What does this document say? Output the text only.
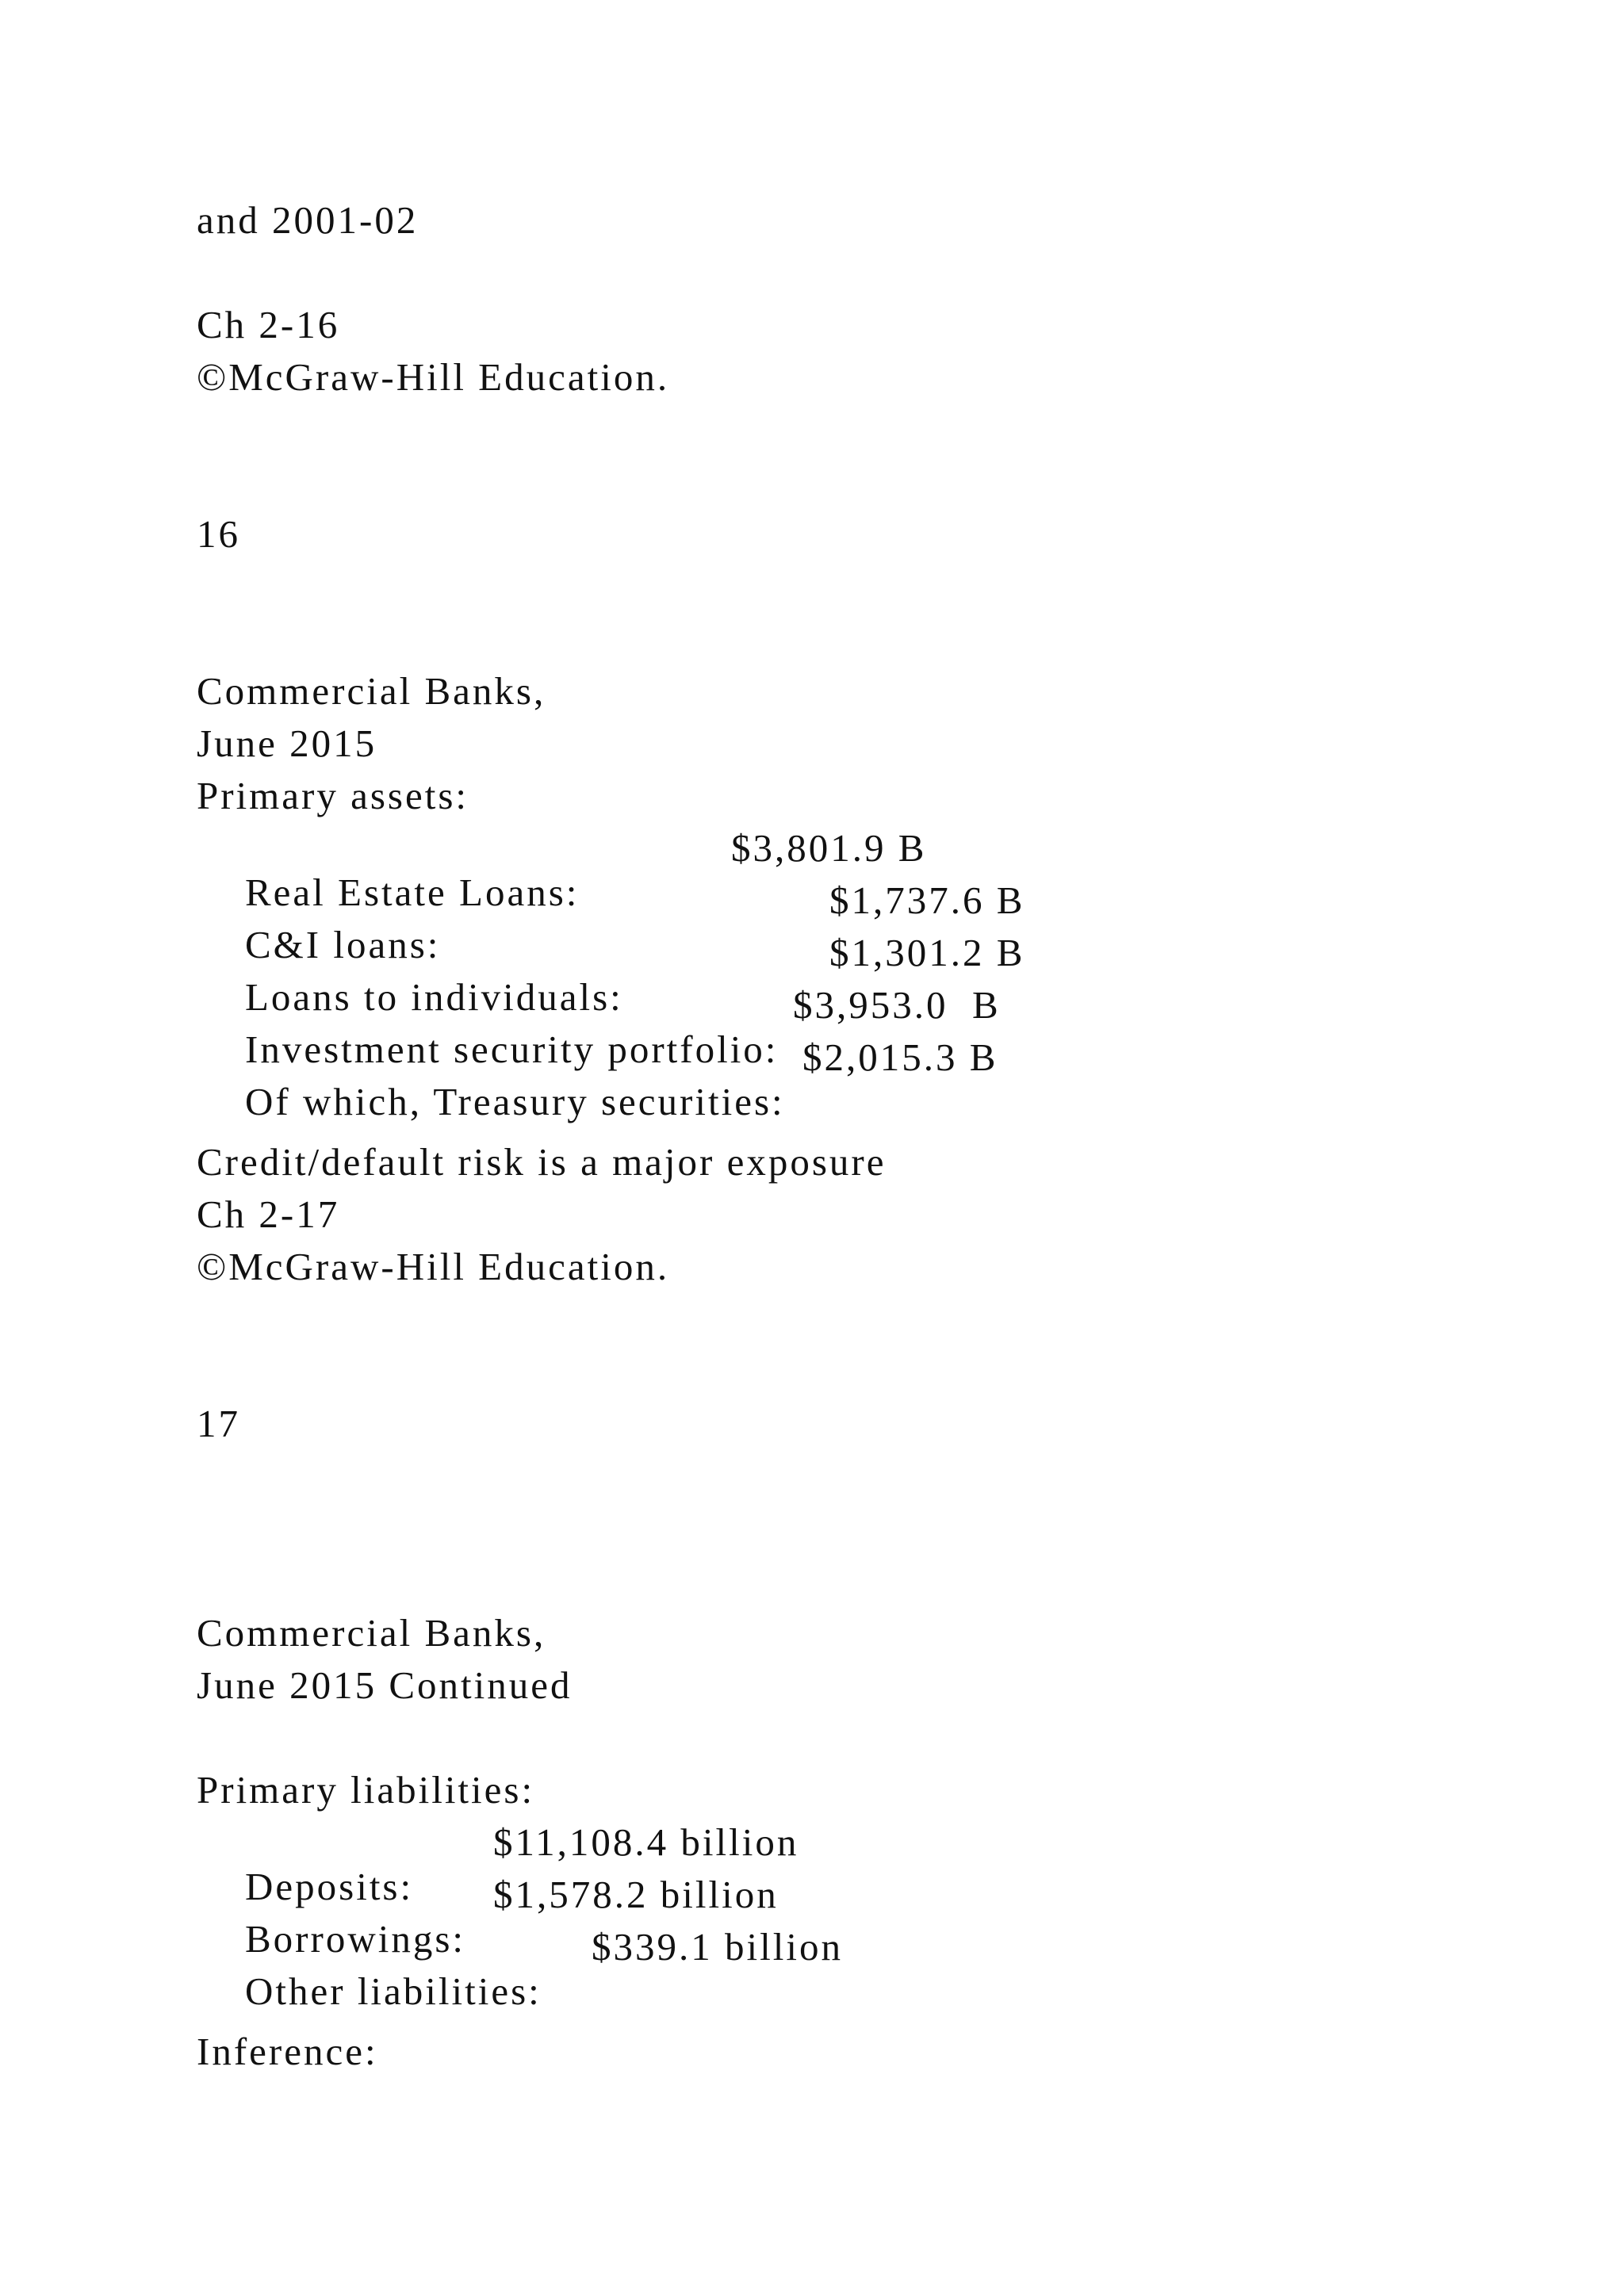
and 2001-02
Ch 2-16
©McGraw-Hill Education.
16
Commercial Banks,
June 2015
Primary assets:

Real Estate Loans:

$3,801.9 B

C&I loans:

$1,737.6 B

Loans to individuals:

$1,301.2 B

Investment security portfolio:

$3,953.0  B

Of which, Treasury securities:

$2,015.3 B

Credit/default risk is a major exposure
Ch 2-17
©McGraw-Hill Education.
17
Commercial Banks,
June 2015 Continued
Primary liabilities:

Deposits:

$11,108.4 billion

Borrowings:

$1,578.2 billion

Other liabilities:

$339.1 billion

Inference:
